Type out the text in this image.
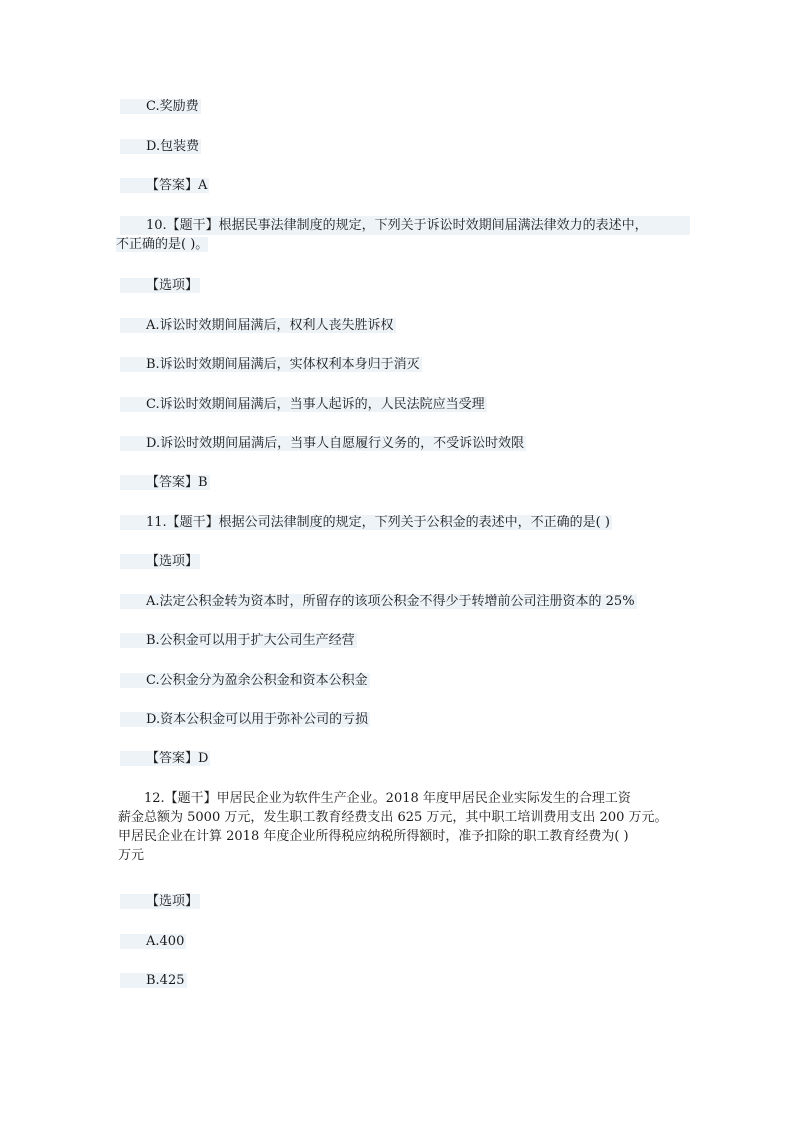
C.奖励费
D.包装费
【答案】A
10.【题干】根据民事法律制度的规定，下列关于诉讼时效期间届满法律效力的表述中，
不正确的是( )。
【选项】
A.诉讼时效期间届满后，权利人丧失胜诉权
B.诉讼时效期间届满后，实体权利本身归于消灭
C.诉讼时效期间届满后，当事人起诉的，人民法院应当受理
D.诉讼时效期间届满后，当事人自愿履行义务的，不受诉讼时效限
【答案】B
11.【题干】根据公司法律制度的规定，下列关于公积金的表述中，不正确的是( )
【选项】
A.法定公积金转为资本时，所留存的该项公积金不得少于转增前公司注册资本的 25%
B.公积金可以用于扩大公司生产经营
C.公积金分为盈余公积金和资本公积金
D.资本公积金可以用于弥补公司的亏损
【答案】D
12.【题干】甲居民企业为软件生产企业。2018 年度甲居民企业实际发生的合理工资
薪金总额为 5000 万元，发生职工教育经费支出 625 万元，其中职工培训费用支出 200 万元。
甲居民企业在计算 2018 年度企业所得税应纳税所得额时，准予扣除的职工教育经费为( )
万元
【选项】
A.400
B.425
